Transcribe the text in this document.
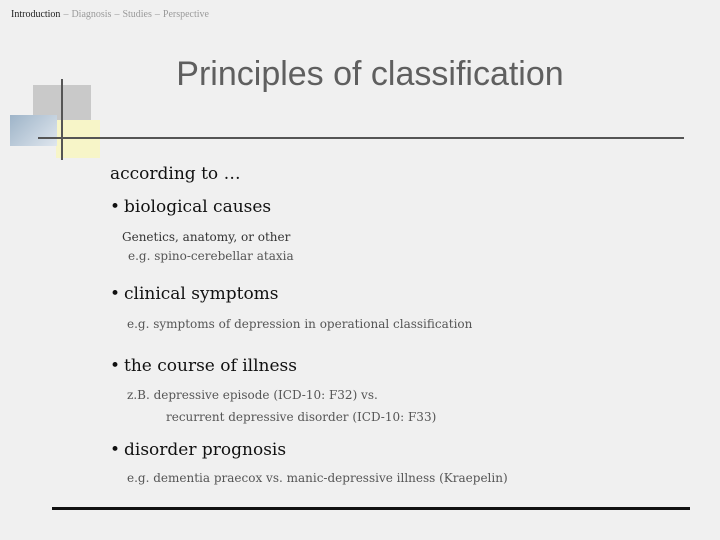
Introduction – Diagnosis – Studies – Perspective
Principles of classification
according to …
• biological causes
Genetics, anatomy, or other
e.g. spino-cerebellar ataxia
• clinical symptoms
e.g. symptoms of depression in operational classification
• the course of illness
z.B. depressive episode (ICD-10: F32) vs.
recurrent depressive disorder (ICD-10: F33)
• disorder prognosis
e.g. dementia praecox vs. manic-depressive illness (Kraepelin)
